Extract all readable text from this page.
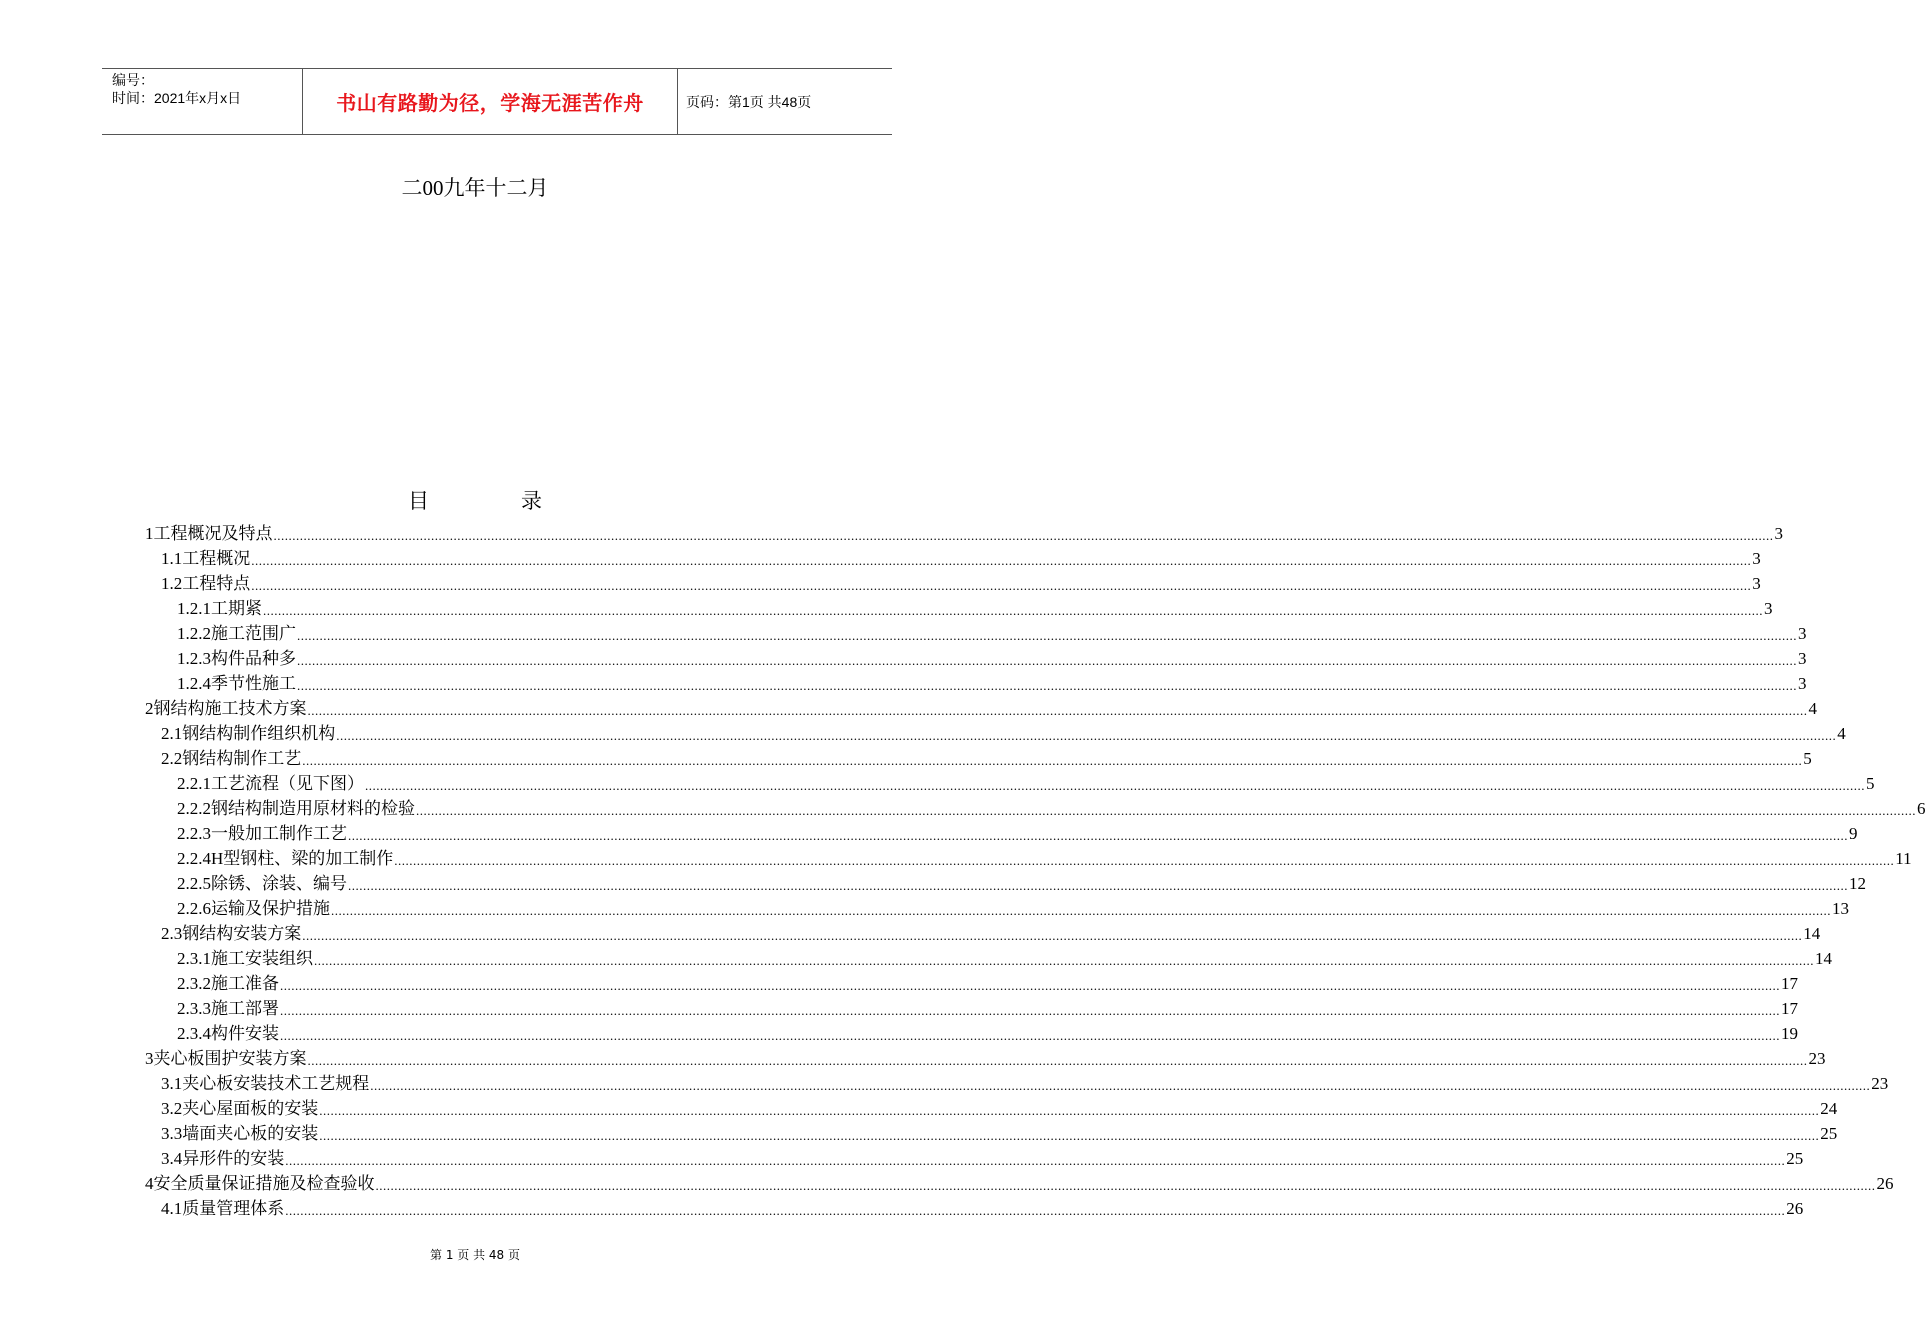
编号：
时间：2021年x月x日	书山有路勤为径，学海无涯苦作舟	页码：第1页 共48页
二00九年十二月
目	录
1 工程概况及特点 ................................................................................................................................................................................................................................................................................................................................................................................................................ 3
1.1 工程概况 ................................................................................................................................................................................................................................................................................................................................................................................................................ 3
1.2 工程特点 ................................................................................................................................................................................................................................................................................................................................................................................................................ 3
1.2.1 工期紧 ................................................................................................................................................................................................................................................................................................................................................................................................................ 3
1.2.2 施工范围广 ................................................................................................................................................................................................................................................................................................................................................................................................................ 3
1.2.3 构件品种多 ................................................................................................................................................................................................................................................................................................................................................................................................................ 3
1.2.4 季节性施工 ................................................................................................................................................................................................................................................................................................................................................................................................................ 3
2 钢结构施工技术方案 ................................................................................................................................................................................................................................................................................................................................................................................................................ 4
2.1 钢结构制作组织机构 ................................................................................................................................................................................................................................................................................................................................................................................................................ 4
2.2 钢结构制作工艺 ................................................................................................................................................................................................................................................................................................................................................................................................................ 5
2.2.1 工艺流程（见下图） ................................................................................................................................................................................................................................................................................................................................................................................................................ 5
2.2.2 钢结构制造用原材料的检验 ................................................................................................................................................................................................................................................................................................................................................................................................................ 6
2.2.3 一般加工制作工艺 ................................................................................................................................................................................................................................................................................................................................................................................................................ 9
2.2.4 H型钢柱、梁的加工制作 ................................................................................................................................................................................................................................................................................................................................................................................................................ 11
2.2.5 除锈、涂装、编号 ................................................................................................................................................................................................................................................................................................................................................................................................................ 12
2.2.6 运输及保护措施 ................................................................................................................................................................................................................................................................................................................................................................................................................ 13
2.3 钢结构安装方案 ................................................................................................................................................................................................................................................................................................................................................................................................................ 14
2.3.1 施工安装组织 ................................................................................................................................................................................................................................................................................................................................................................................................................ 14
2.3.2 施工准备 ................................................................................................................................................................................................................................................................................................................................................................................................................ 17
2.3.3 施工部署 ................................................................................................................................................................................................................................................................................................................................................................................................................ 17
2.3.4 构件安装 ................................................................................................................................................................................................................................................................................................................................................................................................................ 19
3 夹心板围护安装方案 ................................................................................................................................................................................................................................................................................................................................................................................................................ 23
3.1 夹心板安装技术工艺规程 ................................................................................................................................................................................................................................................................................................................................................................................................................ 23
3.2 夹心屋面板的安装 ................................................................................................................................................................................................................................................................................................................................................................................................................ 24
3.3 墙面夹心板的安装 ................................................................................................................................................................................................................................................................................................................................................................................................................ 25
3.4 异形件的安装 ................................................................................................................................................................................................................................................................................................................................................................................................................ 25
4 安全质量保证措施及检查验收 ................................................................................................................................................................................................................................................................................................................................................................................................................ 26
4.1 质量管理体系 ................................................................................................................................................................................................................................................................................................................................................................................................................ 26
第 1 页 共 48 页
